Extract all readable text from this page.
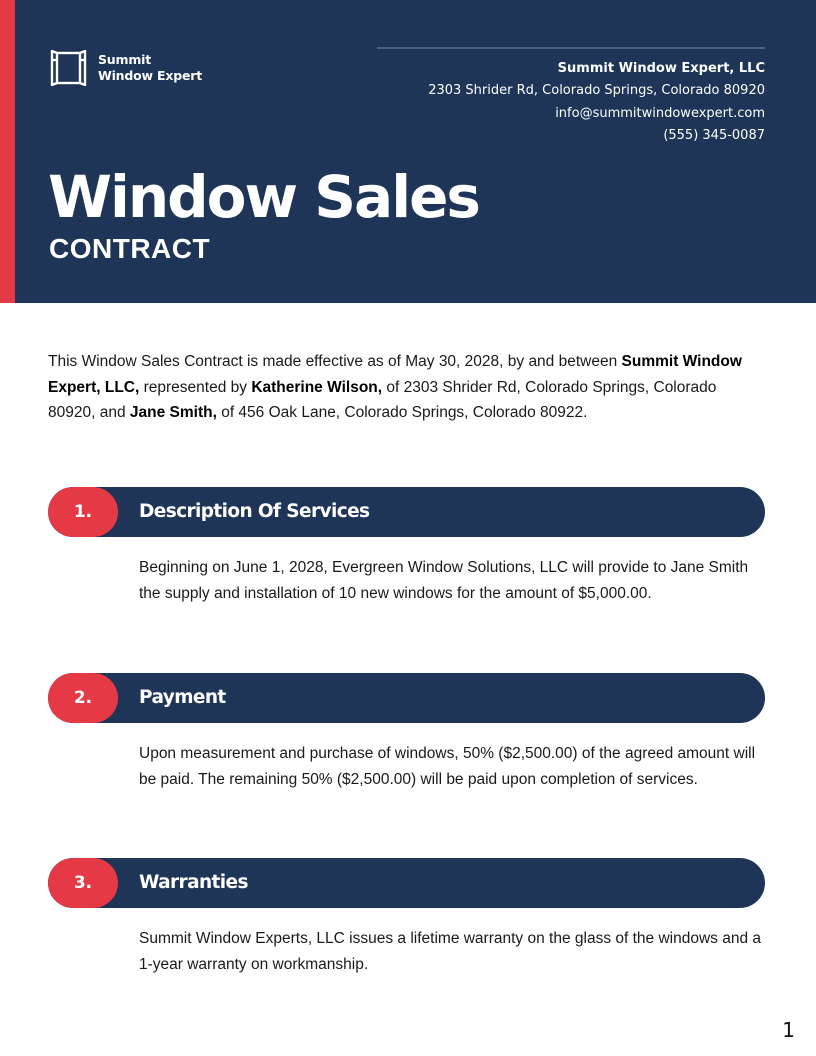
Summit
Window Expert	Summit Window Expert, LLC
2303 Shrider Rd, Colorado Springs, Colorado 80920
info@summitwindowexpert.com
(555) 345-0087
Window Sales
CONTRACT

This Window Sales Contract is made effective as of May 30, 2028, by and between Summit Window Expert, LLC, represented by Katherine Wilson, of 2303 Shrider Rd, Colorado Springs, Colorado 80920, and Jane Smith, of 456 Oak Lane, Colorado Springs, Colorado 80922.

1.	Description Of Services

Beginning on June 1, 2028, Evergreen Window Solutions, LLC will provide to Jane Smith the supply and installation of 10 new windows for the amount of $5,000.00.

2.	Payment

Upon measurement and purchase of windows, 50% ($2,500.00) of the agreed amount will be paid. The remaining 50% ($2,500.00) will be paid upon completion of services.

3.	Warranties

Summit Window Experts, LLC issues a lifetime warranty on the glass of the windows and a 1-year warranty on workmanship.

1
